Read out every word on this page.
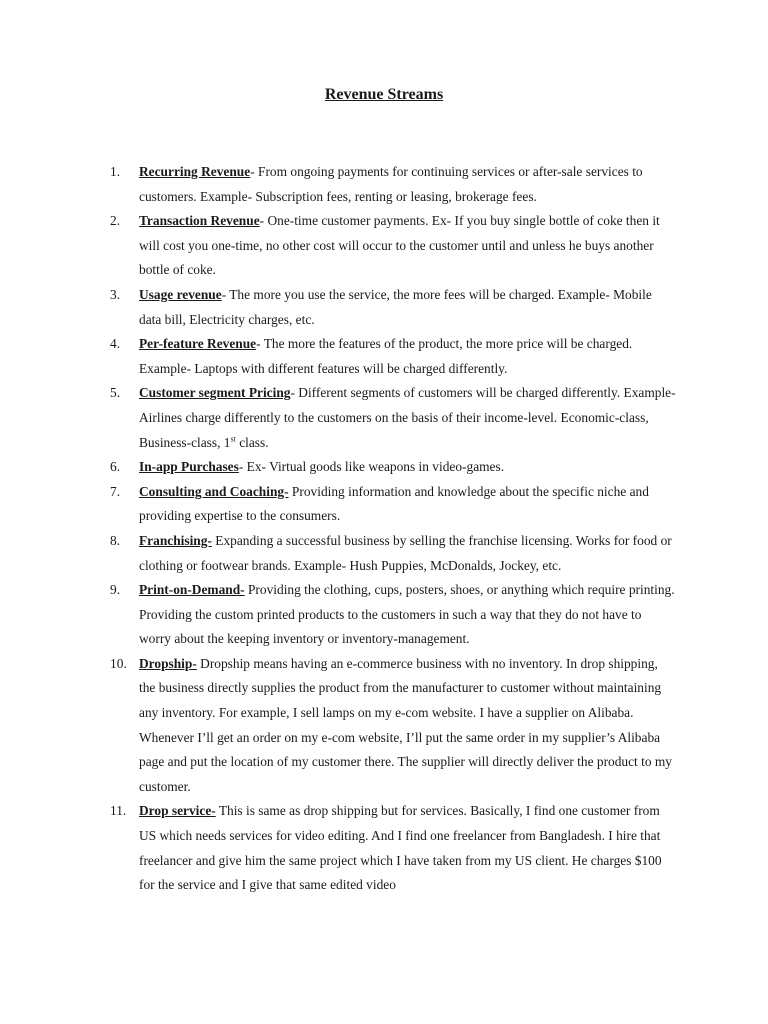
Revenue Streams
1. Recurring Revenue- From ongoing payments for continuing services or after-sale services to customers. Example- Subscription fees, renting or leasing, brokerage fees.
2. Transaction Revenue- One-time customer payments. Ex- If you buy single bottle of coke then it will cost you one-time, no other cost will occur to the customer until and unless he buys another bottle of coke.
3. Usage revenue- The more you use the service, the more fees will be charged. Example- Mobile data bill, Electricity charges, etc.
4. Per-feature Revenue- The more the features of the product, the more price will be charged. Example- Laptops with different features will be charged differently.
5. Customer segment Pricing- Different segments of customers will be charged differently. Example- Airlines charge differently to the customers on the basis of their income-level. Economic-class, Business-class, 1st class.
6. In-app Purchases- Ex- Virtual goods like weapons in video-games.
7. Consulting and Coaching- Providing information and knowledge about the specific niche and providing expertise to the consumers.
8. Franchising- Expanding a successful business by selling the franchise licensing. Works for food or clothing or footwear brands. Example- Hush Puppies, McDonalds, Jockey, etc.
9. Print-on-Demand- Providing the clothing, cups, posters, shoes, or anything which require printing. Providing the custom printed products to the customers in such a way that they do not have to worry about the keeping inventory or inventory-management.
10. Dropship- Dropship means having an e-commerce business with no inventory. In drop shipping, the business directly supplies the product from the manufacturer to customer without maintaining any inventory. For example, I sell lamps on my e-com website. I have a supplier on Alibaba. Whenever I’ll get an order on my e-com website, I’ll put the same order in my supplier’s Alibaba page and put the location of my customer there. The supplier will directly deliver the product to my customer.
11. Drop service- This is same as drop shipping but for services. Basically, I find one customer from US which needs services for video editing. And I find one freelancer from Bangladesh. I hire that freelancer and give him the same project which I have taken from my US client. He charges $100 for the service and I give that same edited video
